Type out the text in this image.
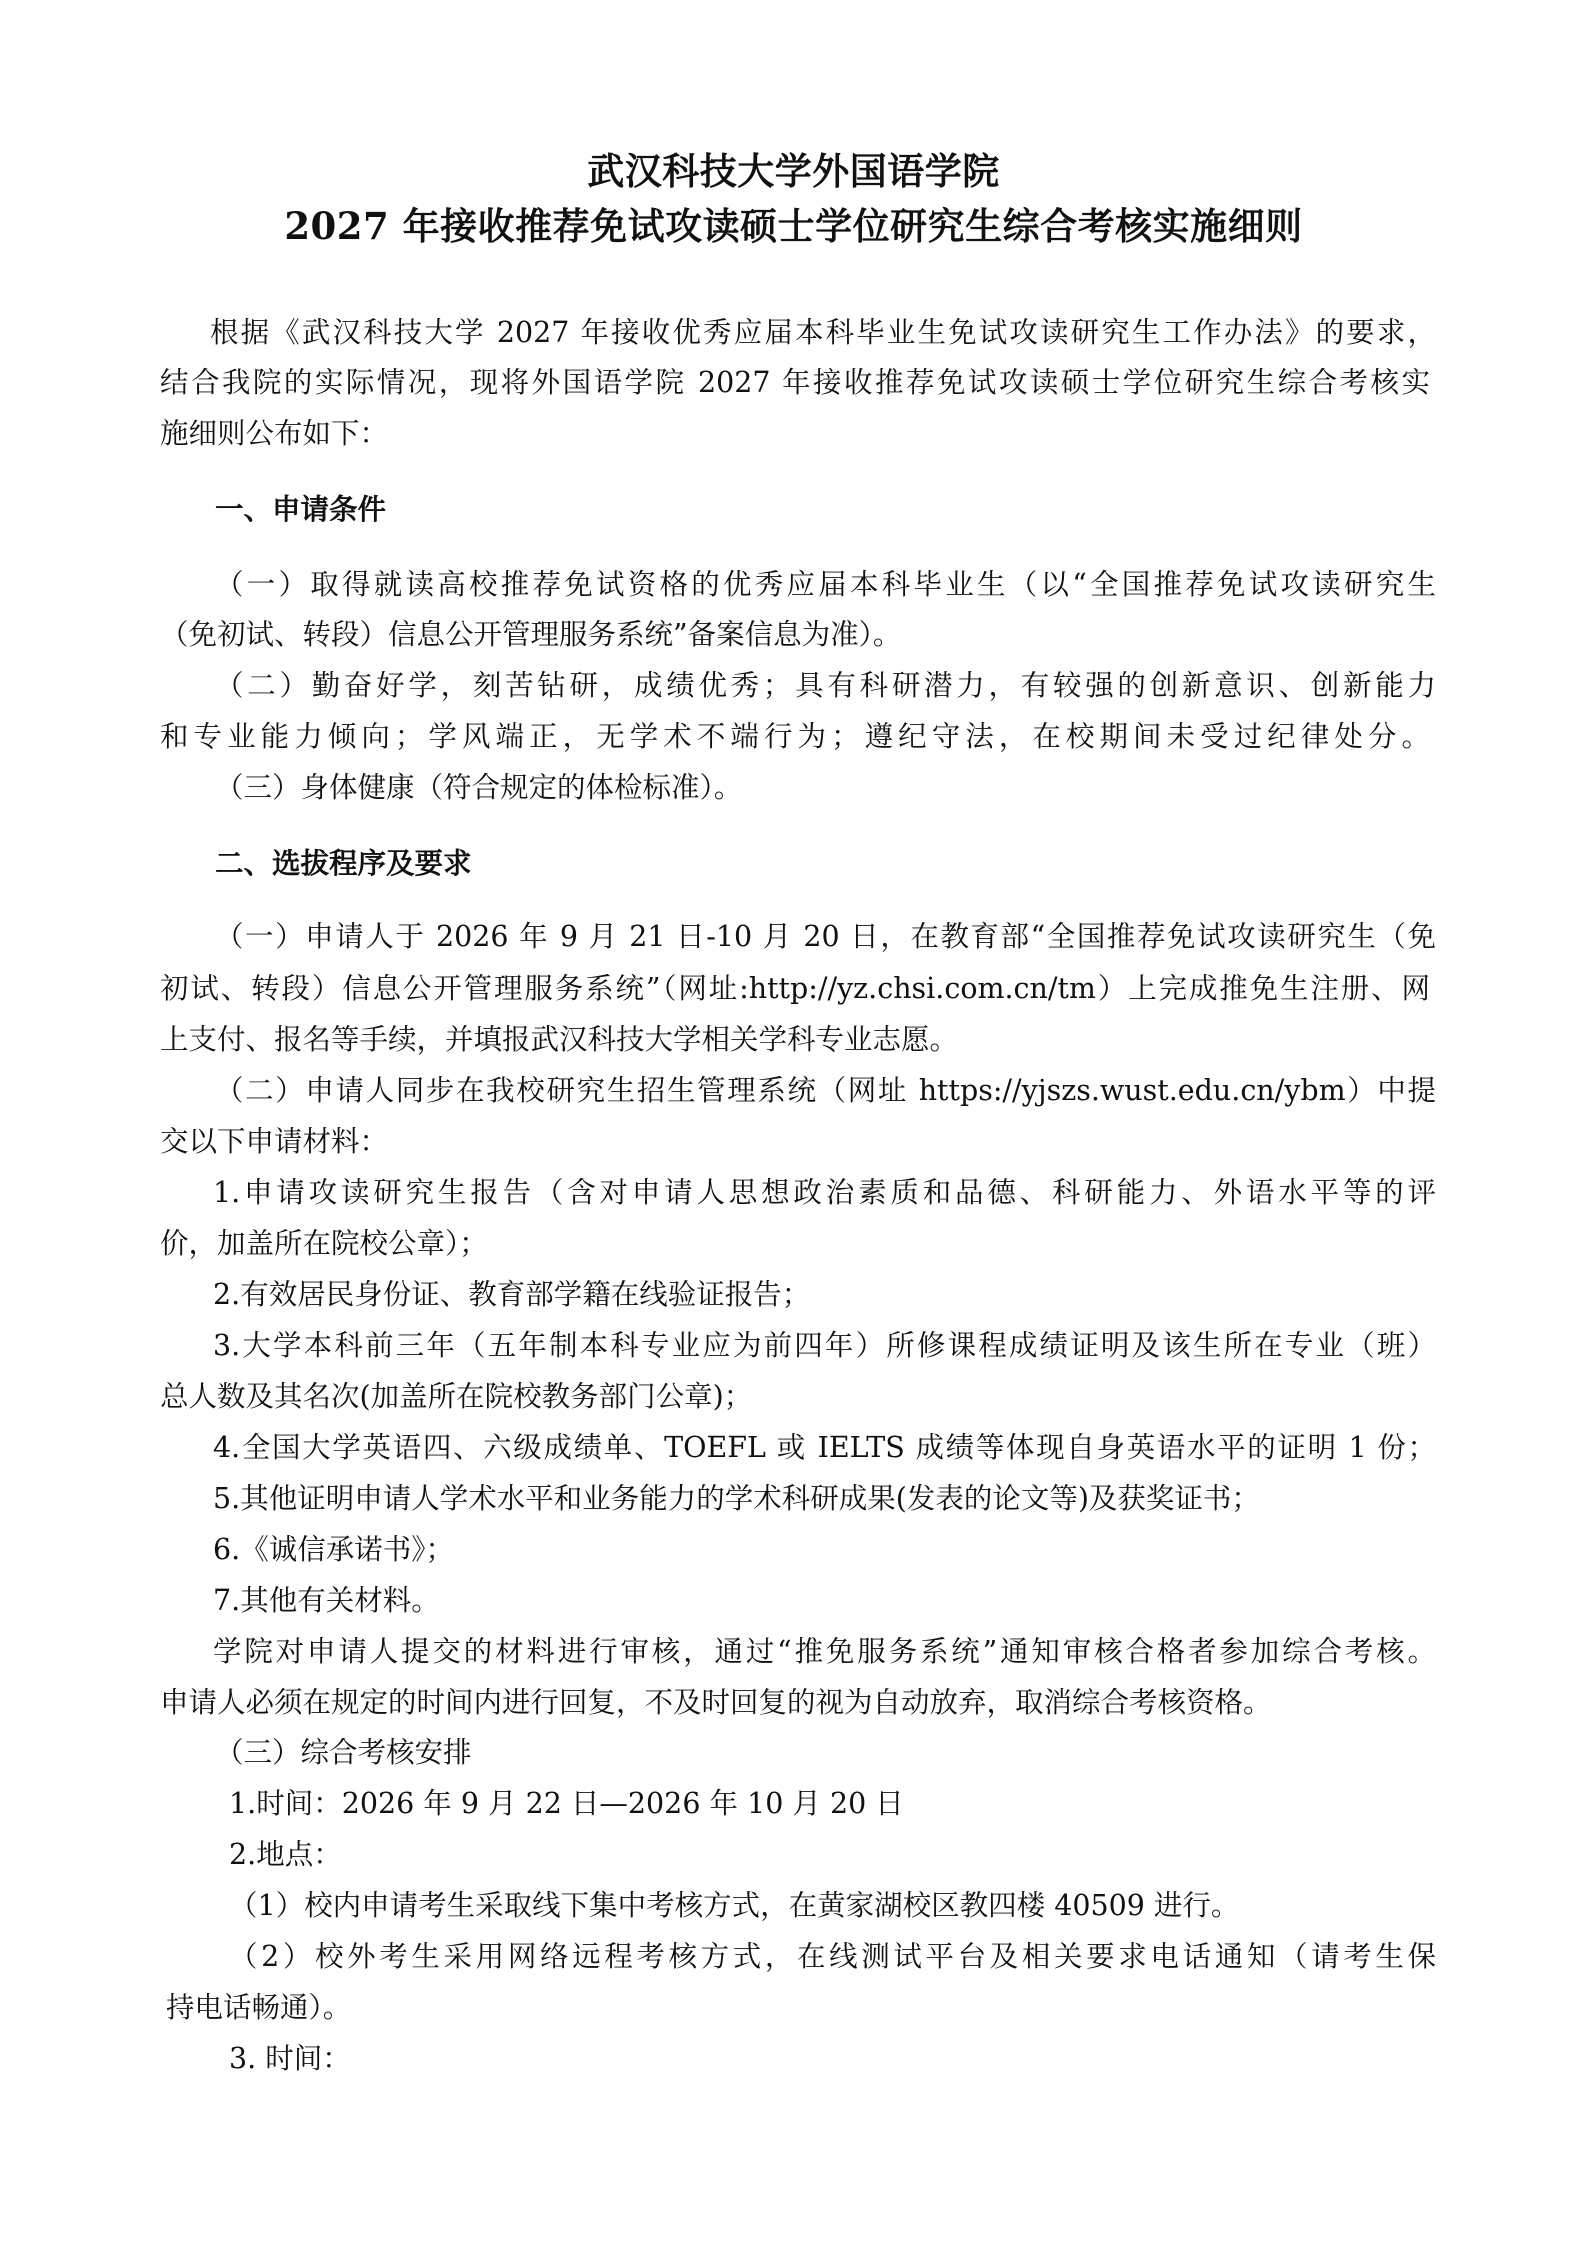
武汉科技大学外国语学院
2027 年接收推荐免试攻读硕士学位研究生综合考核实施细则
根据《武汉科技大学 2027 年接收优秀应届本科毕业生免试攻读研究生工作办法》的要求，
结合我院的实际情况，现将外国语学院 2027 年接收推荐免试攻读硕士学位研究生综合考核实
施细则公布如下：
一、申请条件
（一）取得就读高校推荐免试资格的优秀应届本科毕业生（以“全国推荐免试攻读研究生
（免初试、转段）信息公开管理服务系统”备案信息为准）。
（二）勤奋好学，刻苦钻研，成绩优秀；具有科研潜力，有较强的创新意识、创新能力
和专业能力倾向；学风端正，无学术不端行为；遵纪守法，在校期间未受过纪律处分。
（三）身体健康（符合规定的体检标准）。
二、选拔程序及要求
（一）申请人于 2026 年 9 月 21 日-10 月 20 日，在教育部“全国推荐免试攻读研究生（免
初试、转段）信息公开管理服务系统”（网址:http://yz.chsi.com.cn/tm）上完成推免生注册、网
上支付、报名等手续，并填报武汉科技大学相关学科专业志愿。
（二）申请人同步在我校研究生招生管理系统（网址 https://yjszs.wust.edu.cn/ybm）中提
交以下申请材料：
1.申请攻读研究生报告（含对申请人思想政治素质和品德、科研能力、外语水平等的评
价，加盖所在院校公章）；
2.有效居民身份证、教育部学籍在线验证报告；
3.大学本科前三年（五年制本科专业应为前四年）所修课程成绩证明及该生所在专业（班）
总人数及其名次(加盖所在院校教务部门公章)；
4.全国大学英语四、六级成绩单、TOEFL 或 IELTS 成绩等体现自身英语水平的证明 1 份；
5.其他证明申请人学术水平和业务能力的学术科研成果(发表的论文等)及获奖证书；
6.《诚信承诺书》；
7.其他有关材料。
学院对申请人提交的材料进行审核，通过“推免服务系统”通知审核合格者参加综合考核。
申请人必须在规定的时间内进行回复，不及时回复的视为自动放弃，取消综合考核资格。
（三）综合考核安排
1.时间：2026 年 9 月 22 日—2026 年 10 月 20 日
2.地点：
（1）校内申请考生采取线下集中考核方式，在黄家湖校区教四楼 40509 进行。
（2）校外考生采用网络远程考核方式，在线测试平台及相关要求电话通知（请考生保
持电话畅通）。
3. 时间：
